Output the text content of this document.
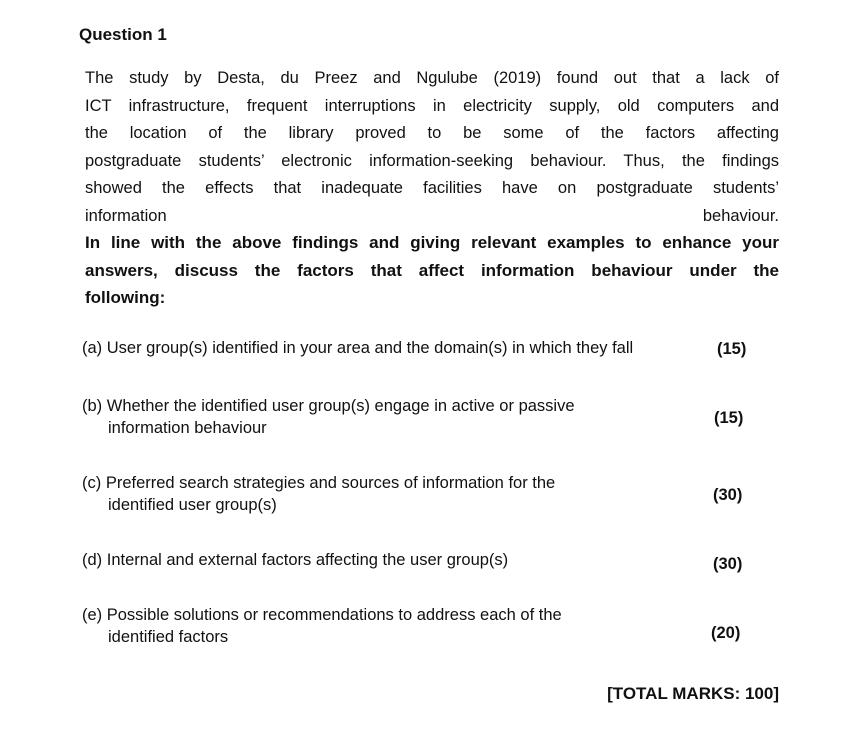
Question 1
The study by Desta, du Preez and Ngulube (2019) found out that a lack of
ICT infrastructure, frequent interruptions in electricity supply, old computers and
the location of the library proved to be some of the factors affecting
postgraduate students’ electronic information-seeking behaviour. Thus, the findings
showed the effects that inadequate facilities have on postgraduate students’
information behaviour.
In line with the above findings and giving relevant examples to enhance your
answers, discuss the factors that affect information behaviour under the
following:
(a) User group(s) identified in your area and the domain(s) in which they fall	(15)
(b) Whether the identified user group(s) engage in active or passive
information behaviour
(15)
(c) Preferred search strategies and sources of information for the
identified user group(s)
(30)
(d) Internal and external factors affecting the user group(s)	(30)
(e) Possible solutions or recommendations to address each of the
identified factors	(20)
[TOTAL MARKS: 100]
